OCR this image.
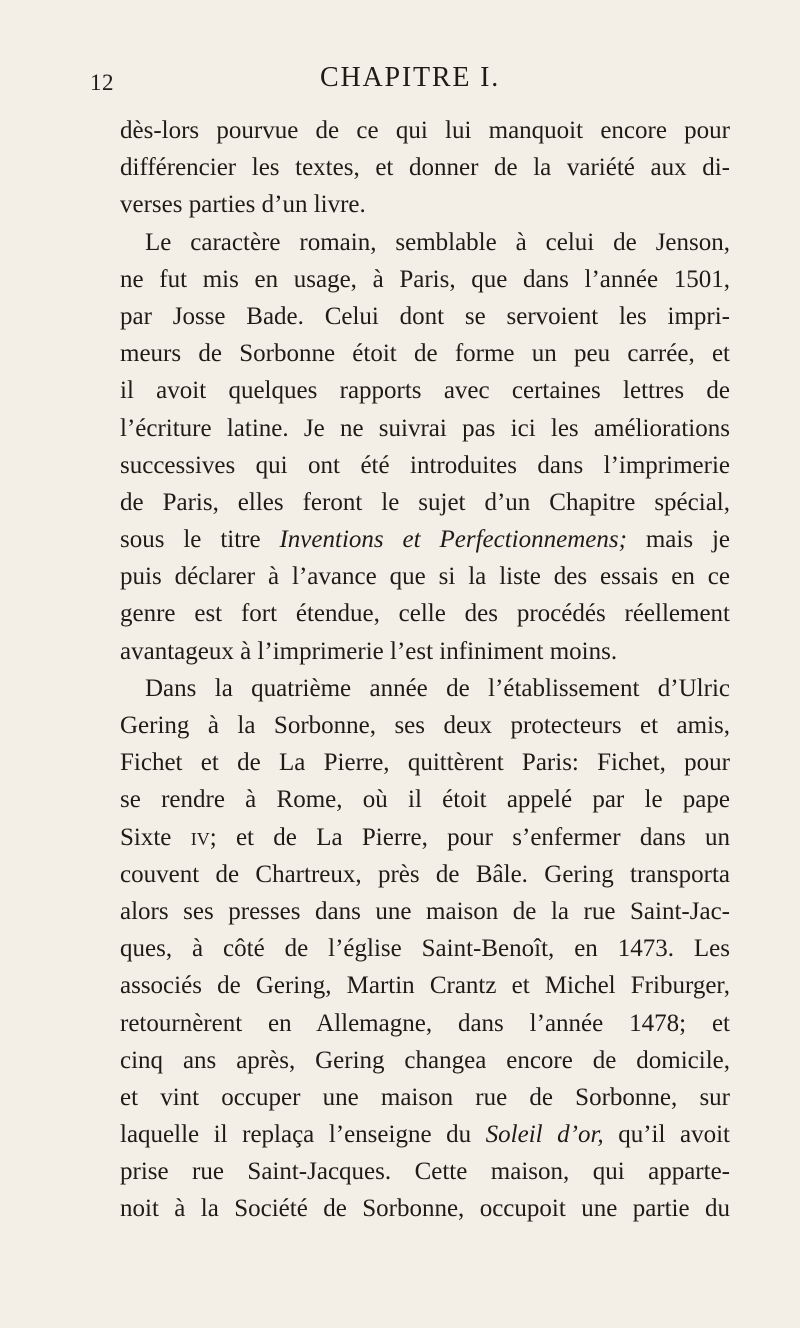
12	CHAPITRE I.
dès-lors pourvue de ce qui lui manquoit encore pour
différencier les textes, et donner de la variété aux di-
verses parties d’un livre.
Le caractère romain, semblable à celui de Jenson,
ne fut mis en usage, à Paris, que dans l’année 1501,
par Josse Bade. Celui dont se servoient les impri-
meurs de Sorbonne étoit de forme un peu carrée, et
il avoit quelques rapports avec certaines lettres de
l’écriture latine. Je ne suivrai pas ici les améliorations
successives qui ont été introduites dans l’imprimerie
de Paris, elles feront le sujet d’un Chapitre spécial,
sous le titre Inventions et Perfectionnemens; mais je
puis déclarer à l’avance que si la liste des essais en ce
genre est fort étendue, celle des procédés réellement
avantageux à l’imprimerie l’est infiniment moins.
Dans la quatrième année de l’établissement d’Ulric
Gering à la Sorbonne, ses deux protecteurs et amis,
Fichet et de La Pierre, quittèrent Paris: Fichet, pour
se rendre à Rome, où il étoit appelé par le pape
Sixte iv; et de La Pierre, pour s’enfermer dans un
couvent de Chartreux, près de Bâle. Gering transporta
alors ses presses dans une maison de la rue Saint-Jac-
ques, à côté de l’église Saint-Benoît, en 1473. Les
associés de Gering, Martin Crantz et Michel Friburger,
retournèrent en Allemagne, dans l’année 1478; et
cinq ans après, Gering changea encore de domicile,
et vint occuper une maison rue de Sorbonne, sur
laquelle il replaça l’enseigne du Soleil d’or, qu’il avoit
prise rue Saint-Jacques. Cette maison, qui apparte-
noit à la Société de Sorbonne, occupoit une partie du
